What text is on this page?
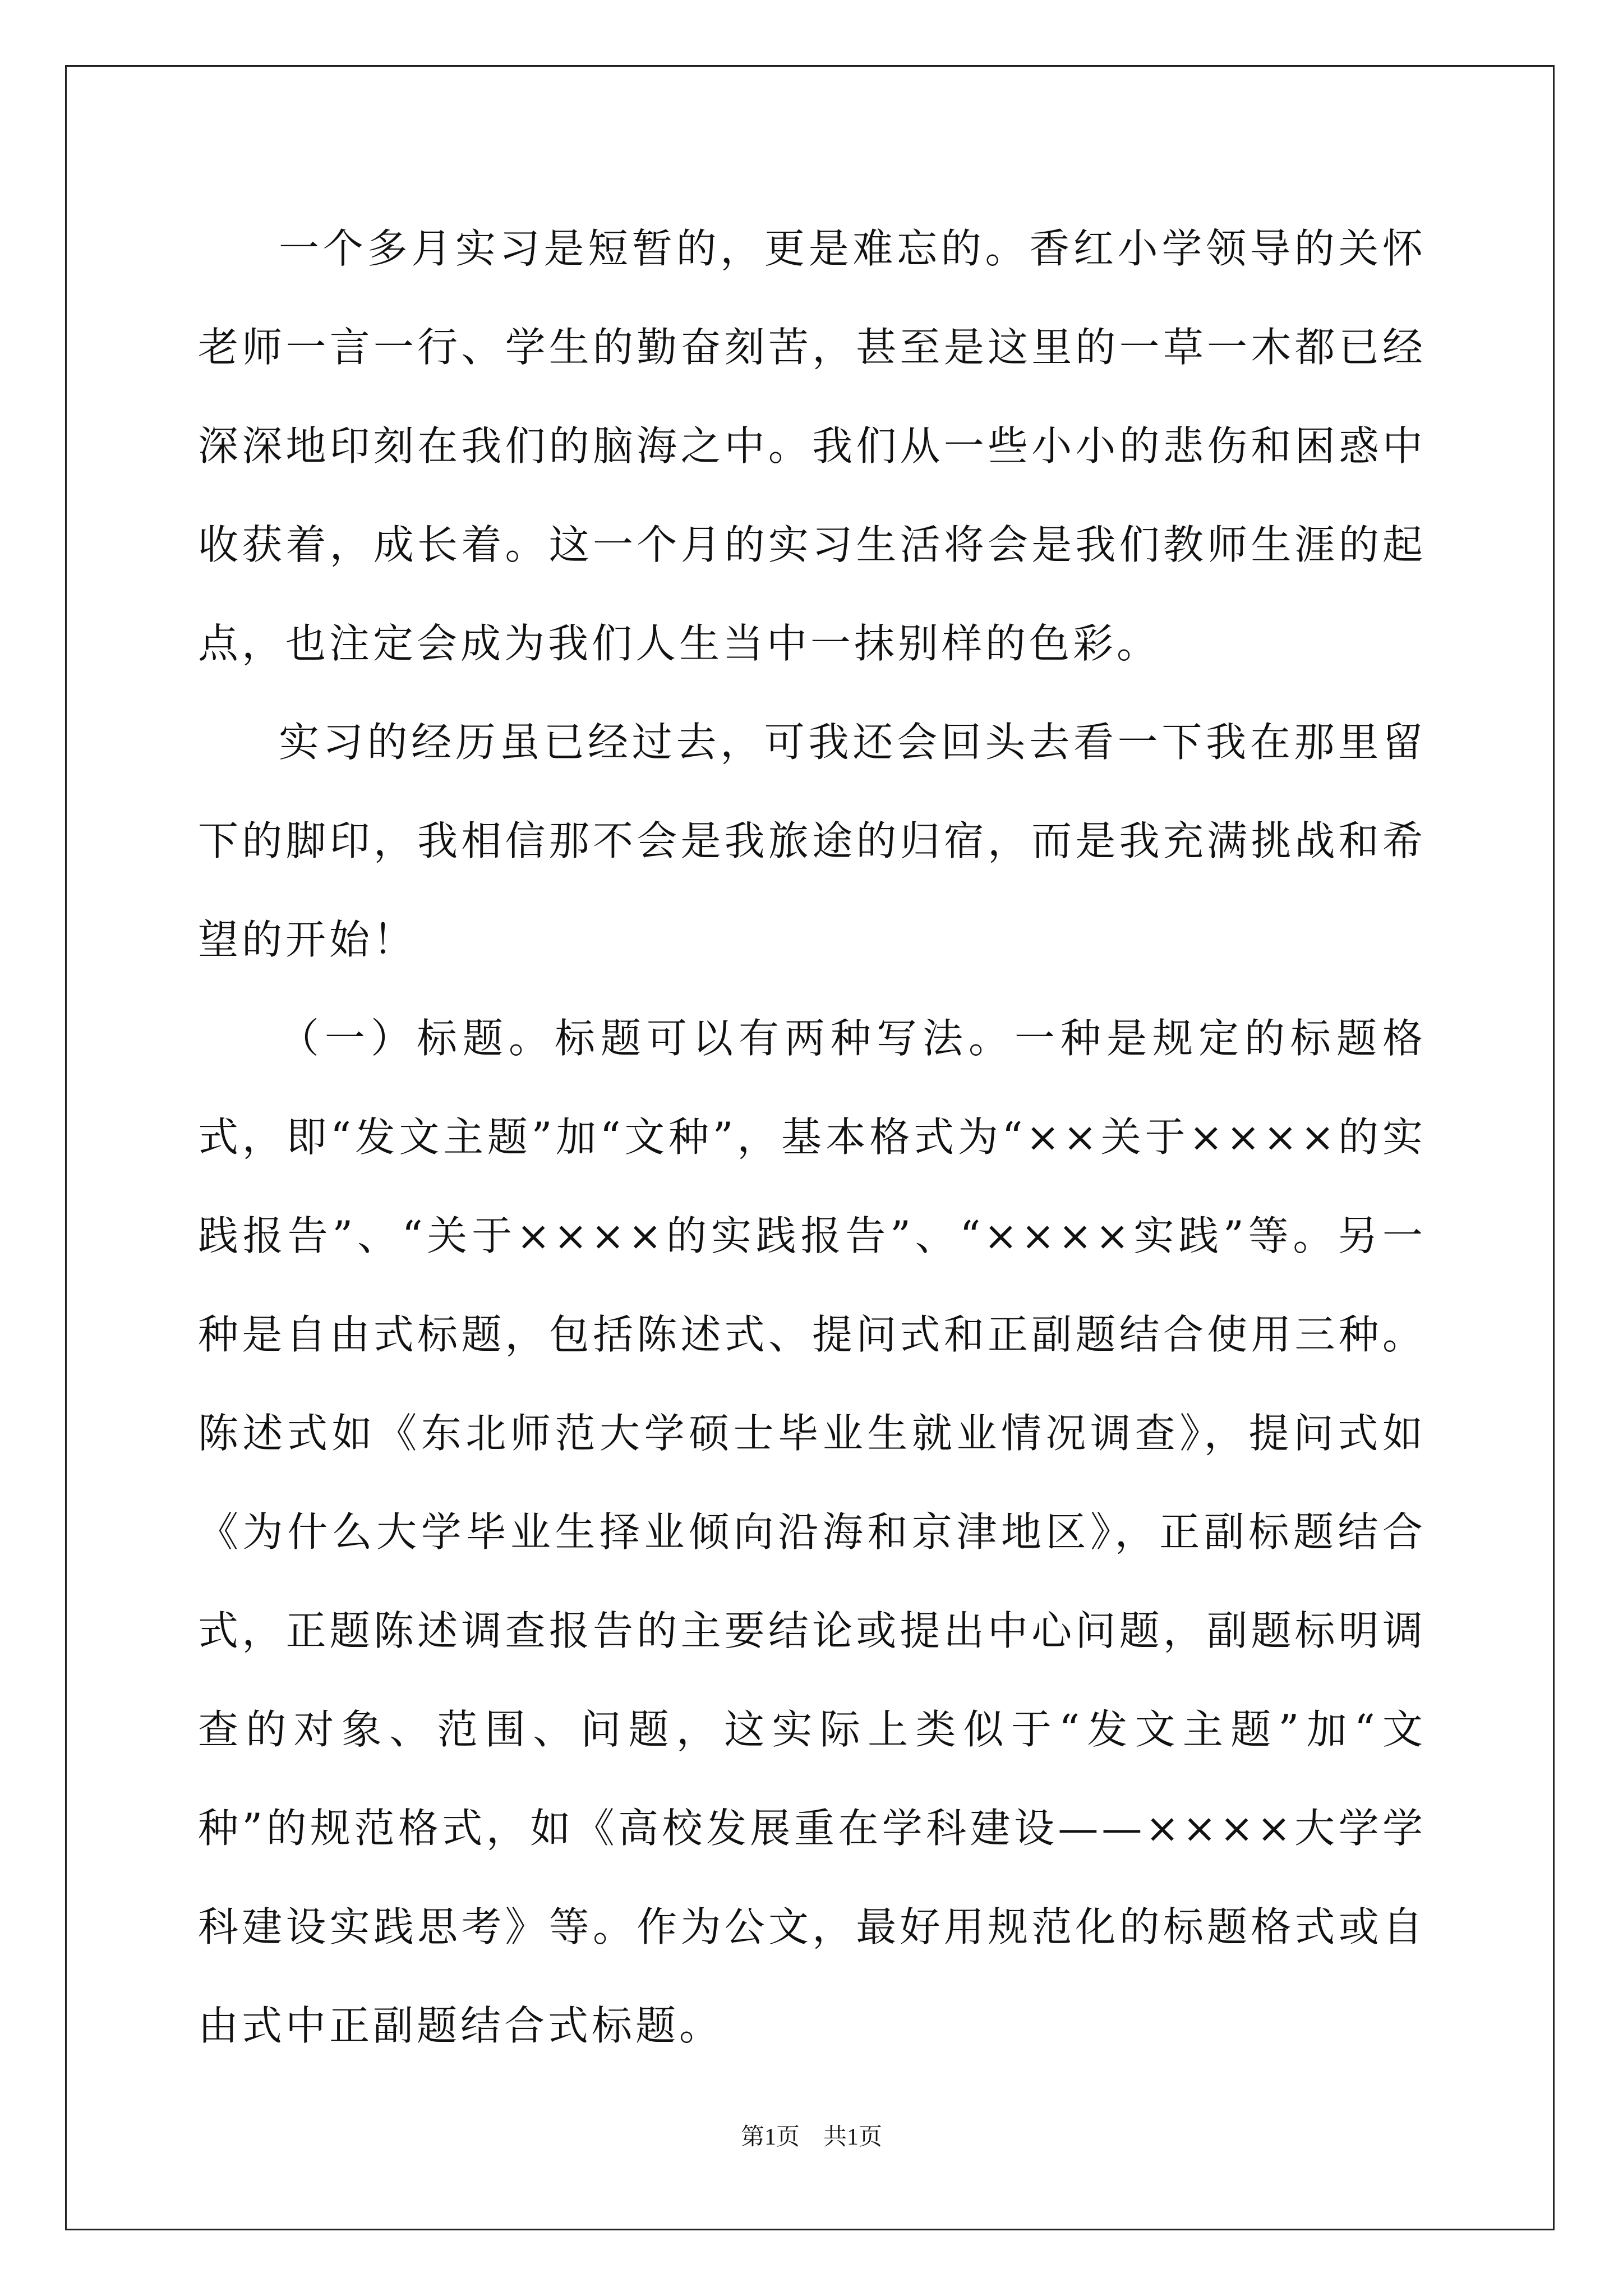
一个多月实习是短暂的，更是难忘的。香红小学领导的关怀老师一言一行、学生的勤奋刻苦，甚至是这里的一草一木都已经深深地印刻在我们的脑海之中。我们从一些小小的悲伤和困惑中收获着，成长着。这一个月的实习生活将会是我们教师生涯的起点，也注定会成为我们人生当中一抹别样的色彩。

实习的经历虽已经过去，可我还会回头去看一下我在那里留下的脚印，我相信那不会是我旅途的归宿，而是我充满挑战和希望的开始！

（一）标题。标题可以有两种写法。一种是规定的标题格式，即“发文主题”加“文种”，基本格式为“××关于××××的实践报告”、“关于××××的实践报告”、“××××实践”等。另一种是自由式标题，包括陈述式、提问式和正副题结合使用三种。陈述式如《东北师范大学硕士毕业生就业情况调查》，提问式如《为什么大学毕业生择业倾向沿海和京津地区》，正副标题结合式，正题陈述调查报告的主要结论或提出中心问题，副题标明调查的对象、范围、问题，这实际上类似于“发文主题”加“文种”的规范格式，如《高校发展重在学科建设——××××大学学科建设实践思考》等。作为公文，最好用规范化的标题格式或自由式中正副题结合式标题。

第1页　共1页
